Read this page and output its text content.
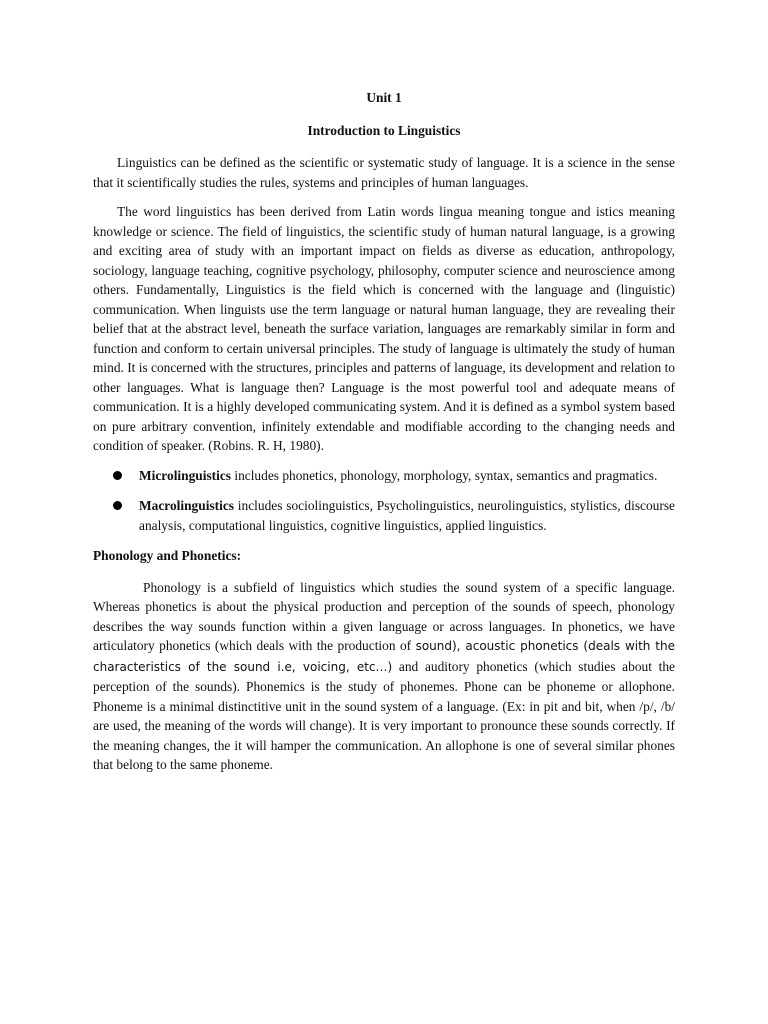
Unit 1
Introduction to Linguistics

Linguistics can be defined as the scientific or systematic study of language. It is a science in the sense that it scientifically studies the rules, systems and principles of human languages.

The word linguistics has been derived from Latin words lingua meaning tongue and istics meaning knowledge or science. The field of linguistics, the scientific study of human natural language, is a growing and exciting area of study with an important impact on fields as diverse as education, anthropology, sociology, language teaching, cognitive psychology, philosophy, computer science and neuroscience among others. Fundamentally, Linguistics is the field which is concerned with the language and (linguistic) communication. When linguists use the term language or natural human language, they are revealing their belief that at the abstract level, beneath the surface variation, languages are remarkably similar in form and function and conform to certain universal principles. The study of language is ultimately the study of human mind. It is concerned with the structures, principles and patterns of language, its development and relation to other languages. What is language then? Language is the most powerful tool and adequate means of communication. It is a highly developed communicating system. And it is defined as a symbol system based on pure arbitrary convention, infinitely extendable and modifiable according to the changing needs and condition of speaker. (Robins. R. H, 1980).

Microlinguistics includes phonetics, phonology, morphology, syntax, semantics and pragmatics.
Macrolinguistics includes sociolinguistics, Psycholinguistics, neurolinguistics, stylistics, discourse analysis, computational linguistics, cognitive linguistics, applied linguistics.
Phonology and Phonetics:

Phonology is a subfield of linguistics which studies the sound system of a specific language. Whereas phonetics is about the physical production and perception of the sounds of speech, phonology describes the way sounds function within a given language or across languages. In phonetics, we have articulatory phonetics (which deals with the production of sound), acoustic phonetics (deals with the characteristics of the sound i.e, voicing, etc…) and auditory phonetics (which studies about the perception of the sounds). Phonemics is the study of phonemes. Phone can be phoneme or allophone. Phoneme is a minimal distinctitive unit in the sound system of a language. (Ex: in pit and bit, when /p/, /b/ are used, the meaning of the words will change). It is very important to pronounce these sounds correctly. If the meaning changes, the it will hamper the communication. An allophone is one of several similar phones that belong to the same phoneme.
